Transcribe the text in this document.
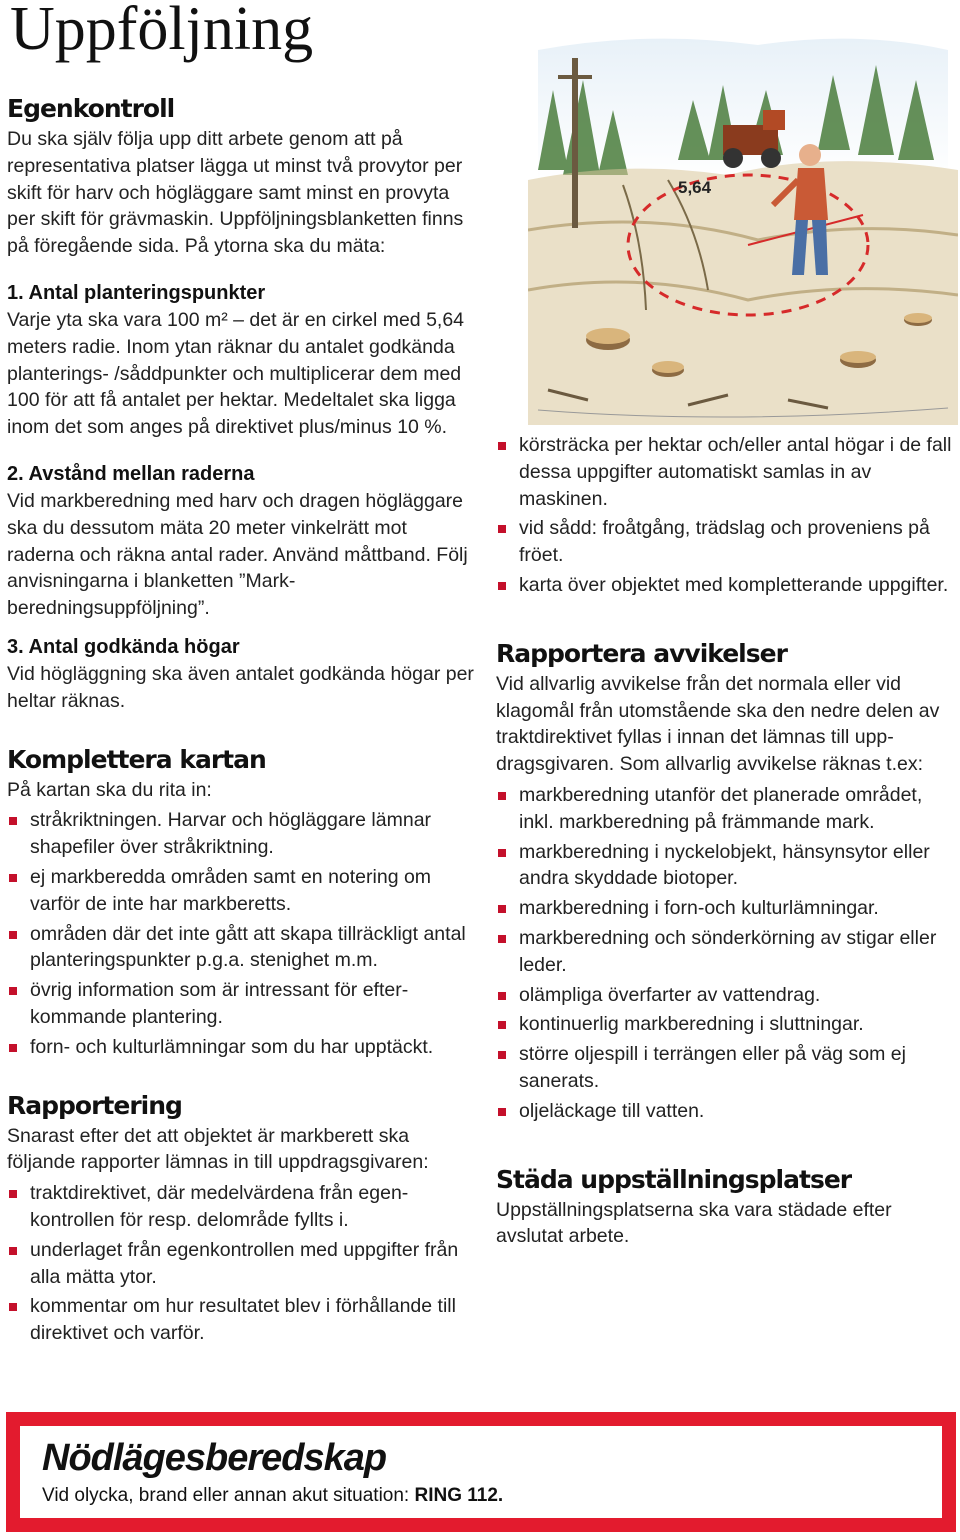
Uppföljning
Egenkontroll

Du ska själv följa upp ditt arbete genom att på representativa platser lägga ut minst två provytor per skift för harv och högläggare samt minst en provyta per skift för grävmaskin. Uppföljningsblanketten finns på föregående sida. På ytorna ska du mäta:

1. Antal planteringspunkter

Varje yta ska vara 100 m² – det är en cirkel med 5,64 meters radie. Inom ytan räknar du antalet godkända planterings- /såddpunkter och multiplicerar dem med 100 för att få antalet per hektar. Medeltalet ska ligga inom det som anges på direktivet plus/minus 10 %.

2. Avstånd mellan raderna

Vid markberedning med harv och dragen högläggare ska du dessutom mäta 20 meter vinkelrätt mot raderna och räkna antal rader. Använd måttband. Följ anvisningarna i blanketten ”Markberedningsuppföljning”.

3. Antal godkända högar

Vid högläggning ska även antalet godkända högar per heltar räknas.

Komplettera kartan

På kartan ska du rita in:

stråkriktningen. Harvar och högläggare lämnar shapefiler över stråkriktning.
ej markberedda områden samt en notering om varför de inte har markberetts.
områden där det inte gått att skapa tillräckligt antal planteringspunkter p.g.a. stenighet m.m.
övrig information som är intressant för efterkommande plantering.
forn- och kulturlämningar som du har upptäckt.
Rapportering

Snarast efter det att objektet är markberett ska följande rapporter lämnas in till uppdragsgivaren:

traktdirektivet, där medelvärdena från egenkontrollen för resp. delområde fyllts i.
underlaget från egenkontrollen med uppgifter från alla mätta ytor.
kommentar om hur resultatet blev i förhållande till direktivet och varför.
5,64
körsträcka per hektar och/eller antal högar i de fall dessa uppgifter automatiskt samlas in av maskinen.
vid sådd: froåtgång, trädslag och proveniens på fröet.
karta över objektet med kompletterande uppgifter.
Rapportera avvikelser

Vid allvarlig avvikelse från det normala eller vid klagomål från utomstående ska den nedre delen av traktdirektivet fyllas i innan det lämnas till uppdragsgivaren. Som allvarlig avvikelse räknas t.ex:

markberedning utanför det planerade området, inkl. markberedning på främmande mark.
markberedning i nyckelobjekt, hänsynsytor eller andra skyddade biotoper.
markberedning i forn-och kulturlämningar.
markberedning och sönderkörning av stigar eller leder.
olämpliga överfarter av vattendrag.
kontinuerlig markberedning i sluttningar.
större oljespill i terrängen eller på väg som ej sanerats.
oljeläckage till vatten.
Städa uppställningsplatser

Uppställningsplatserna ska vara städade efter avslutat arbete.

Nödlägesberedskap

Vid olycka, brand eller annan akut situation: RING 112.
